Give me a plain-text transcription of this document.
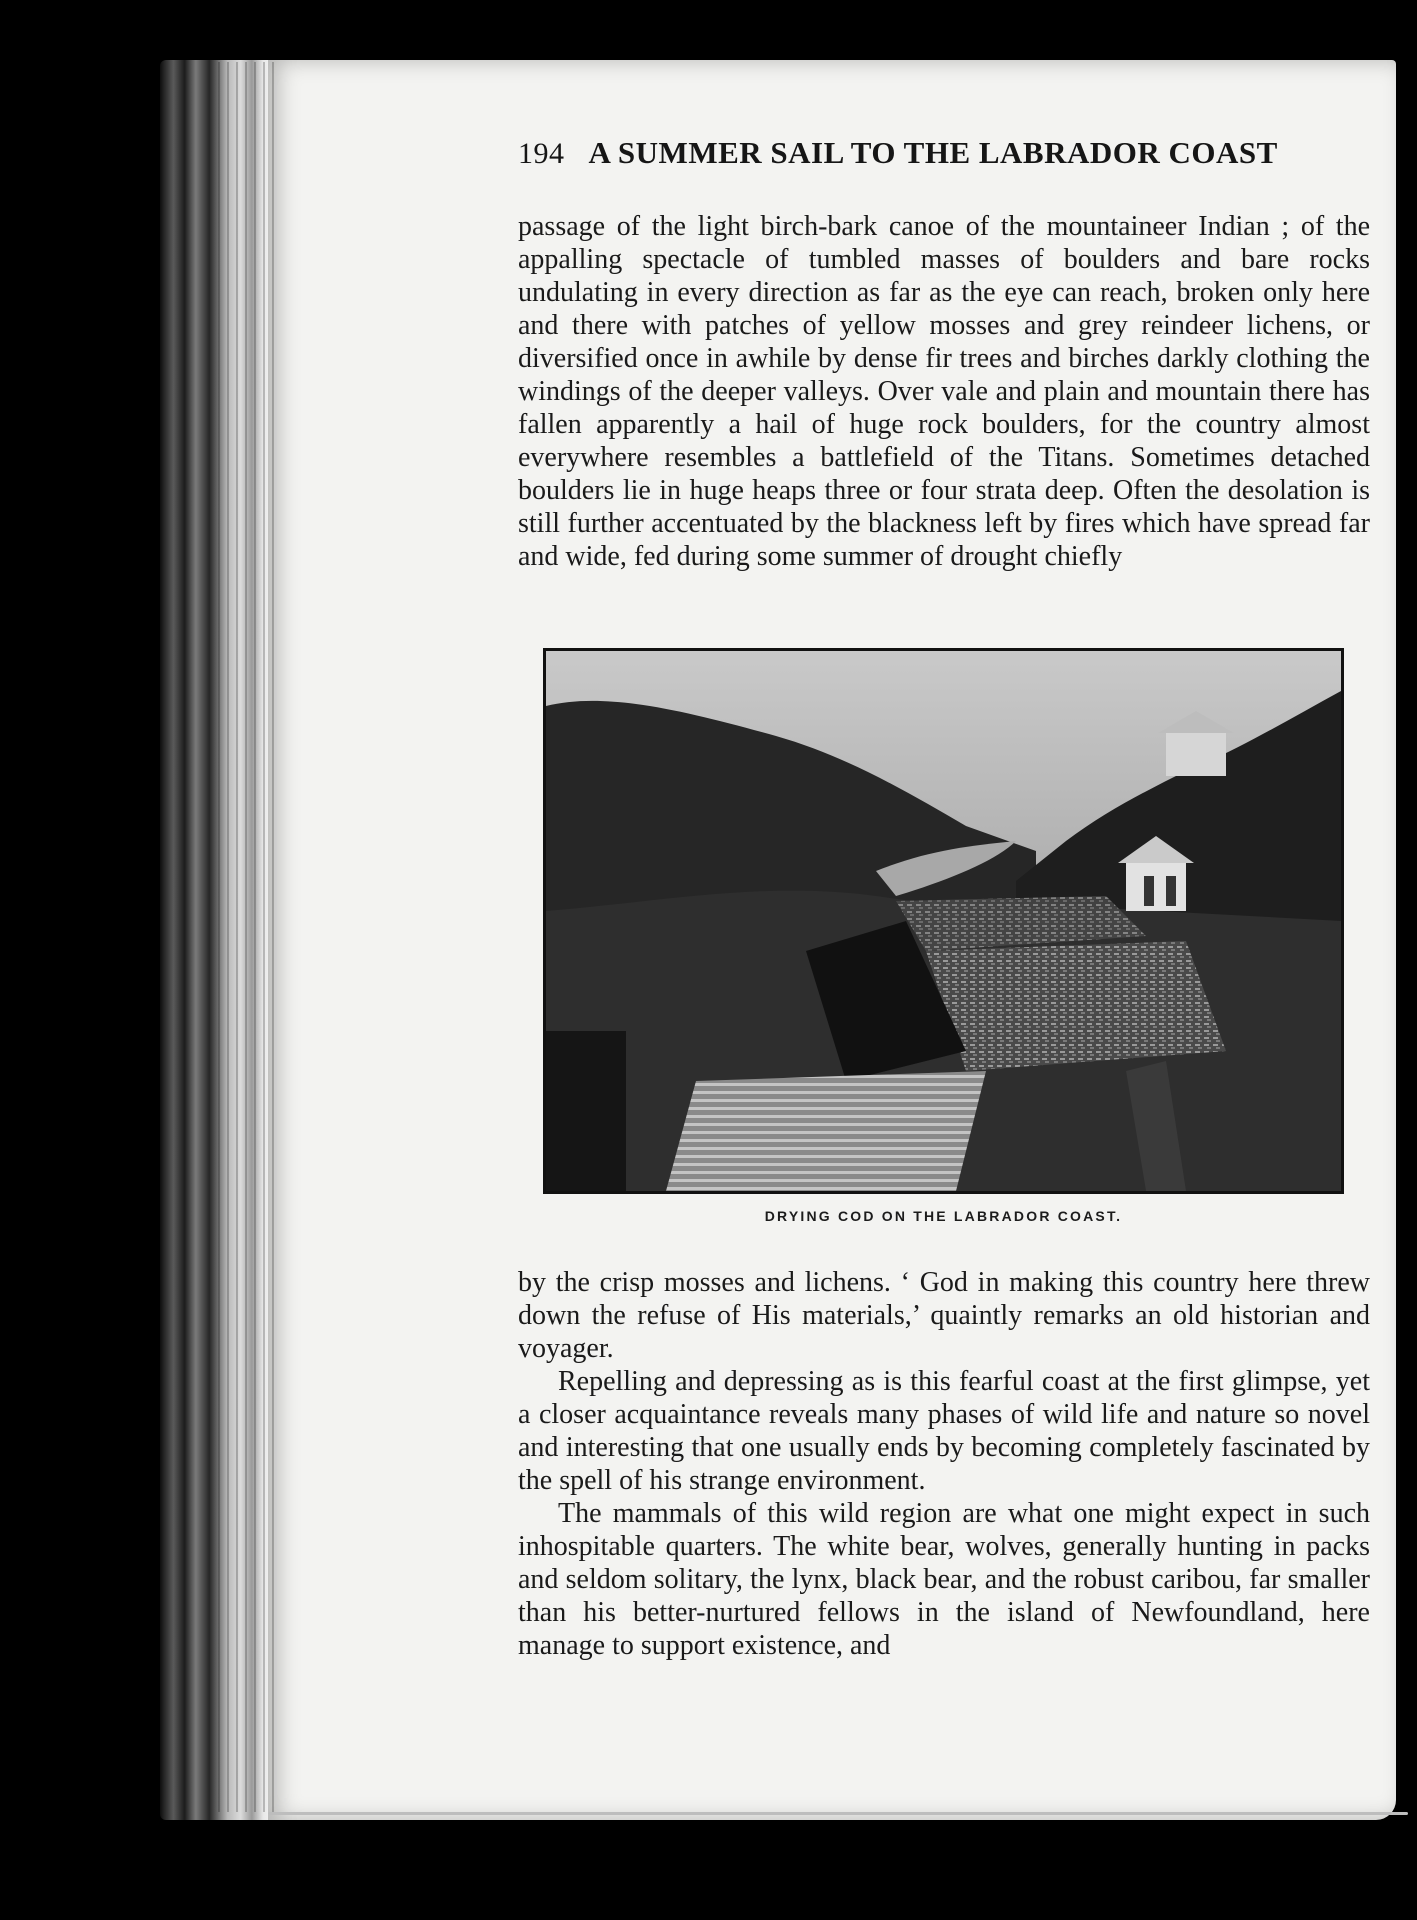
194 A SUMMER SAIL TO THE LABRADOR COAST

passage of the light birch-bark canoe of the mountaineer Indian ; of the appalling spectacle of tumbled masses of boulders and bare rocks undulating in every direction as far as the eye can reach, broken only here and there with patches of yellow mosses and grey reindeer lichens, or diversified once in awhile by dense fir trees and birches darkly clothing the windings of the deeper valleys. Over vale and plain and mountain there has fallen apparently a hail of huge rock boulders, for the country almost everywhere resembles a battlefield of the Titans. Sometimes detached boulders lie in huge heaps three or four strata deep. Often the desolation is still further accentuated by the blackness left by fires which have spread far and wide, fed during some summer of drought chiefly

DRYING COD ON THE LABRADOR COAST.

by the crisp mosses and lichens. ‘ God in making this country here threw down the refuse of His materials,’ quaintly remarks an old historian and voyager.

Repelling and depressing as is this fearful coast at the first glimpse, yet a closer acquaintance reveals many phases of wild life and nature so novel and interesting that one usually ends by becoming completely fascinated by the spell of his strange environment.

The mammals of this wild region are what one might expect in such inhospitable quarters. The white bear, wolves, generally hunting in packs and seldom solitary, the lynx, black bear, and the robust caribou, far smaller than his better-nurtured fellows in the island of Newfoundland, here manage to support existence, and
